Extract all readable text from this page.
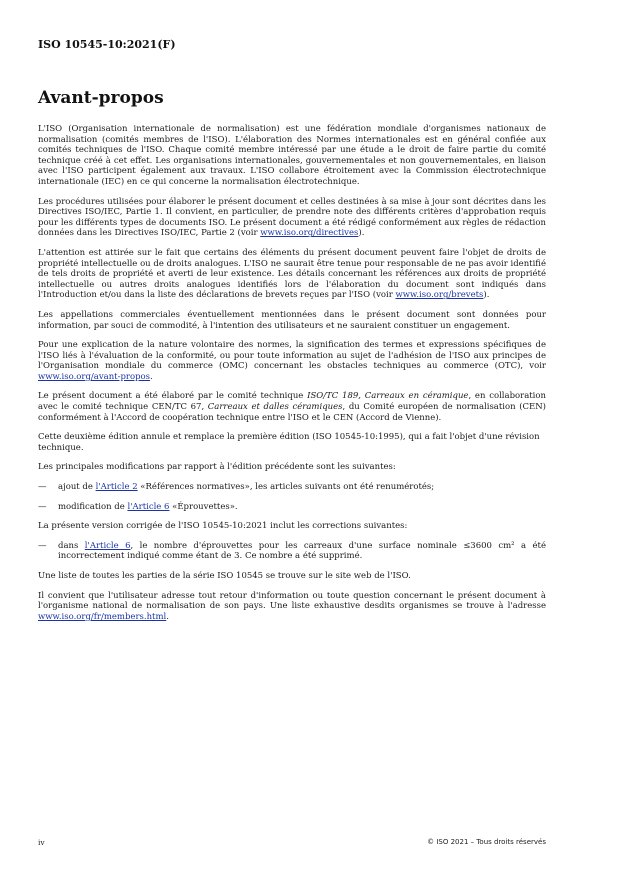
ISO 10545-10:2021(F)
Avant-propos

L'ISO (Organisation internationale de normalisation) est une fédération mondiale d'organismes nationaux de normalisation (comités membres de l'ISO). L'élaboration des Normes internationales est en général confiée aux comités techniques de l'ISO. Chaque comité membre intéressé par une étude a le droit de faire partie du comité technique créé à cet effet. Les organisations internationales, gouvernementales et non gouvernementales, en liaison avec l'ISO participent également aux travaux. L'ISO collabore étroitement avec la Commission électrotechnique internationale (IEC) en ce qui concerne la normalisation électrotechnique.

Les procédures utilisées pour élaborer le présent document et celles destinées à sa mise à jour sont décrites dans les Directives ISO/IEC, Partie 1. Il convient, en particulier, de prendre note des différents critères d'approbation requis pour les différents types de documents ISO. Le présent document a été rédigé conformément aux règles de rédaction données dans les Directives ISO/IEC, Partie 2 (voir www.iso.org/directives).

L'attention est attirée sur le fait que certains des éléments du présent document peuvent faire l'objet de droits de propriété intellectuelle ou de droits analogues. L'ISO ne saurait être tenue pour responsable de ne pas avoir identifié de tels droits de propriété et averti de leur existence. Les détails concernant les références aux droits de propriété intellectuelle ou autres droits analogues identifiés lors de l'élaboration du document sont indiqués dans l'Introduction et/ou dans la liste des déclarations de brevets reçues par l'ISO (voir www.iso.org/brevets).

Les appellations commerciales éventuellement mentionnées dans le présent document sont données pour information, par souci de commodité, à l'intention des utilisateurs et ne sauraient constituer un engagement.

Pour une explication de la nature volontaire des normes, la signification des termes et expressions spécifiques de l'ISO liés à l'évaluation de la conformité, ou pour toute information au sujet de l'adhésion de l'ISO aux principes de l'Organisation mondiale du commerce (OMC) concernant les obstacles techniques au commerce (OTC), voir www.iso.org/avant-propos.

Le présent document a été élaboré par le comité technique ISO/TC 189, Carreaux en céramique, en collaboration avec le comité technique CEN/TC 67, Carreaux et dalles céramiques, du Comité européen de normalisation (CEN) conformément à l'Accord de coopération technique entre l'ISO et le CEN (Accord de Vienne).

Cette deuxième édition annule et remplace la première édition (ISO 10545-10:1995), qui a fait l'objet d'une révision technique.

Les principales modifications par rapport à l'édition précédente sont les suivantes:

—	ajout de l'Article 2 «Références normatives», les articles suivants ont été renumérotés;
—	modification de l'Article 6 «Éprouvettes».

La présente version corrigée de l'ISO 10545-10:2021 inclut les corrections suivantes:

—	dans l'Article 6, le nombre d'éprouvettes pour les carreaux d'une surface nominale ≤3600 cm² a été incorrectement indiqué comme étant de 3. Ce nombre a été supprimé.

Une liste de toutes les parties de la série ISO 10545 se trouve sur le site web de l'ISO.

Il convient que l'utilisateur adresse tout retour d'information ou toute question concernant le présent document à l'organisme national de normalisation de son pays. Une liste exhaustive desdits organismes se trouve à l'adresse www.iso.org/fr/members.html.

iv	© ISO 2021 – Tous droits réservés
